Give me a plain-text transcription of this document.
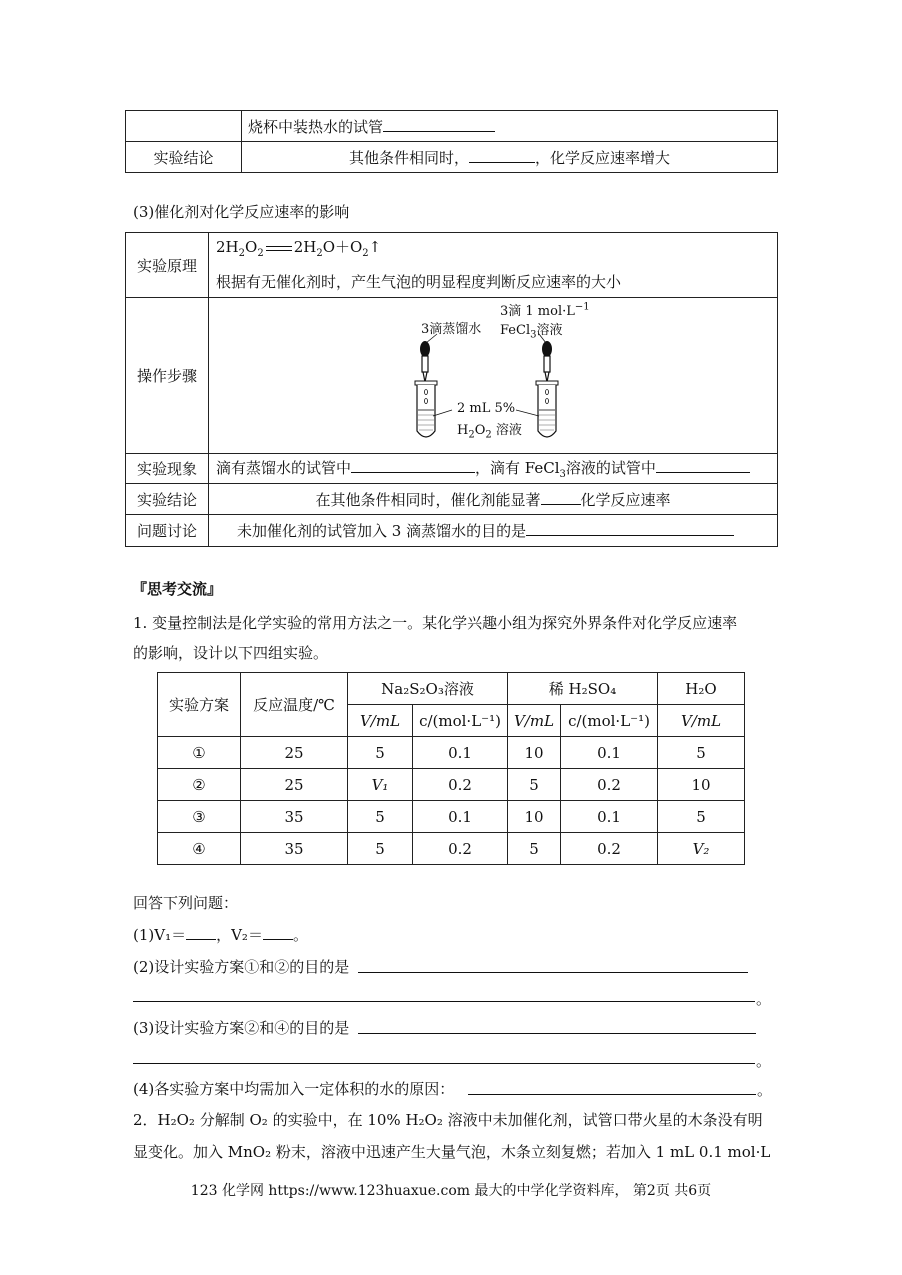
	烧杯中装热水的试管
实验结论	其他条件相同时， ，化学反应速率增大
(3)催化剂对化学反应速率的影响
实验原理	$2H_2O_2$ $2H_2O+O_2↑$
根据有无催化剂时，产生气泡的明显程度判断反应速率的大小

操作步骤	3滴蒸馏水
3滴 1 $mol\cdot L^{-1}$
FeCl$_3$溶液
2 mL 5%
$H_2O_2$ 溶液

实验现象	滴有蒸馏水的试管中 ，滴有 FeCl$_3$溶液的试管中
实验结论	在其他条件相同时，催化剂能显著 化学反应速率
问题讨论	未加催化剂的试管加入 3 滴蒸馏水的目的是
『思考交流』
1. 变量控制法是化学实验的常用方法之一。某化学兴趣小组为探究外界条件对化学反应速率
的影响，设计以下四组实验。
实验方案	反应温度/℃	Na₂S₂O₃溶液		稀 H₂SO₄		H₂O
		V/mL	c/(mol·L⁻¹)	V/mL	c/(mol·L⁻¹)	V/mL
①	25	5	0.1	10	0.1	5
②	25	V₁	0.2	5	0.2	10
③	35	5	0.1	10	0.1	5
④	35	5	0.2	5	0.2	V₂
回答下列问题：
(1)V₁＝ ，V₂＝ 。
(2)设计实验方案①和②的目的是
。
(3)设计实验方案②和④的目的是
。
(4)各实验方案中均需加入一定体积的水的原因：	。
2．H₂O₂ 分解制 O₂ 的实验中，在 10% H₂O₂ 溶液中未加催化剂，试管口带火星的木条没有明
显变化。加入 MnO₂ 粉末，溶液中迅速产生大量气泡，木条立刻复燃；若加入 1 mL 0.1 mol·L
123 化学网 https://www.123huaxue.com 最大的中学化学资料库， 第2页 共6页
